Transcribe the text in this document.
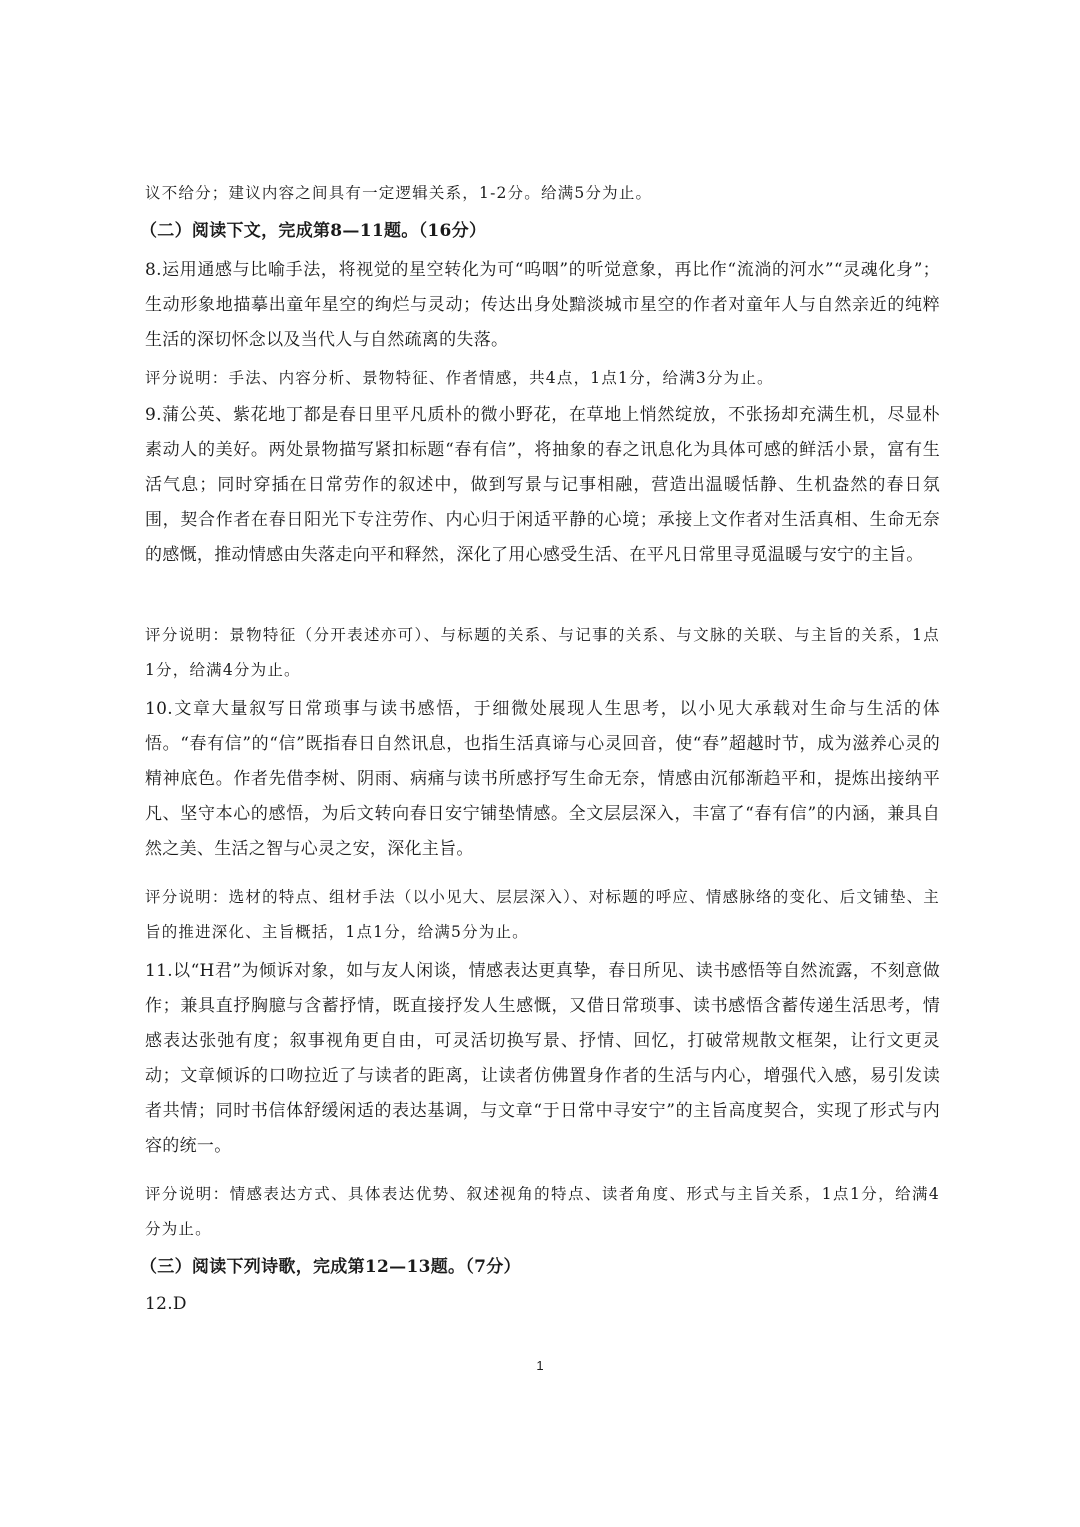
议不给分；建议内容之间具有一定逻辑关系，1-2分。给满5分为止。

（二）阅读下文，完成第8—11题。（16分）

8.运用通感与比喻手法，将视觉的星空转化为可“呜咽”的听觉意象，再比作“流淌的河水”“灵魂化身”；生动形象地描摹出童年星空的绚烂与灵动；传达出身处黯淡城市星空的作者对童年人与自然亲近的纯粹生活的深切怀念以及当代人与自然疏离的失落。

评分说明：手法、内容分析、景物特征、作者情感，共4点，1点1分，给满3分为止。

9.蒲公英、紫花地丁都是春日里平凡质朴的微小野花，在草地上悄然绽放，不张扬却充满生机，尽显朴素动人的美好。两处景物描写紧扣标题“春有信”，将抽象的春之讯息化为具体可感的鲜活小景，富有生活气息；同时穿插在日常劳作的叙述中，做到写景与记事相融，营造出温暖恬静、生机盎然的春日氛围，契合作者在春日阳光下专注劳作、内心归于闲适平静的心境；承接上文作者对生活真相、生命无奈的感慨，推动情感由失落走向平和释然，深化了用心感受生活、在平凡日常里寻觅温暖与安宁的主旨。

评分说明：景物特征（分开表述亦可）、与标题的关系、与记事的关系、与文脉的关联、与主旨的关系，1点1分，给满4分为止。

10.文章大量叙写日常琐事与读书感悟，于细微处展现人生思考，以小见大承载对生命与生活的体悟。“春有信”的“信”既指春日自然讯息，也指生活真谛与心灵回音，使“春”超越时节，成为滋养心灵的精神底色。作者先借李树、阴雨、病痛与读书所感抒写生命无奈，情感由沉郁渐趋平和，提炼出接纳平凡、坚守本心的感悟，为后文转向春日安宁铺垫情感。全文层层深入，丰富了“春有信”的内涵，兼具自然之美、生活之智与心灵之安，深化主旨。

评分说明：选材的特点、组材手法（以小见大、层层深入）、对标题的呼应、情感脉络的变化、后文铺垫、主旨的推进深化、主旨概括，1点1分，给满5分为止。

11.以“H君”为倾诉对象，如与友人闲谈，情感表达更真挚，春日所见、读书感悟等自然流露，不刻意做作；兼具直抒胸臆与含蓄抒情，既直接抒发人生感慨，又借日常琐事、读书感悟含蓄传递生活思考，情感表达张弛有度；叙事视角更自由，可灵活切换写景、抒情、回忆，打破常规散文框架，让行文更灵动；文章倾诉的口吻拉近了与读者的距离，让读者仿佛置身作者的生活与内心，增强代入感，易引发读者共情；同时书信体舒缓闲适的表达基调，与文章“于日常中寻安宁”的主旨高度契合，实现了形式与内容的统一。

评分说明：情感表达方式、具体表达优势、叙述视角的特点、读者角度、形式与主旨关系，1点1分，给满4分为止。

（三）阅读下列诗歌，完成第12—13题。（7分）

12.D

1
